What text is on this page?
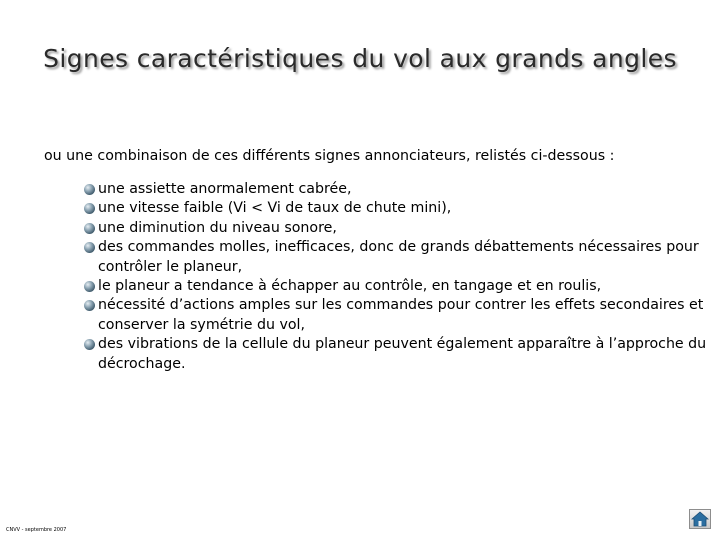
Signes caractéristiques du vol aux grands angles
ou une combinaison de ces différents signes annonciateurs, relistés ci-dessous :
une assiette anormalement cabrée,
une vitesse faible (Vi < Vi de taux de chute mini),
une diminution du niveau sonore,
des commandes molles, inefficaces, donc de grands débattements nécessaires pour contrôler le planeur,
le planeur a tendance à échapper au contrôle, en tangage et en roulis,
nécessité d’actions amples sur les commandes pour contrer les effets secondaires et conserver la symétrie du vol,
des vibrations de la cellule du planeur peuvent également apparaître à l’approche du décrochage.
CNVV - septembre 2007
